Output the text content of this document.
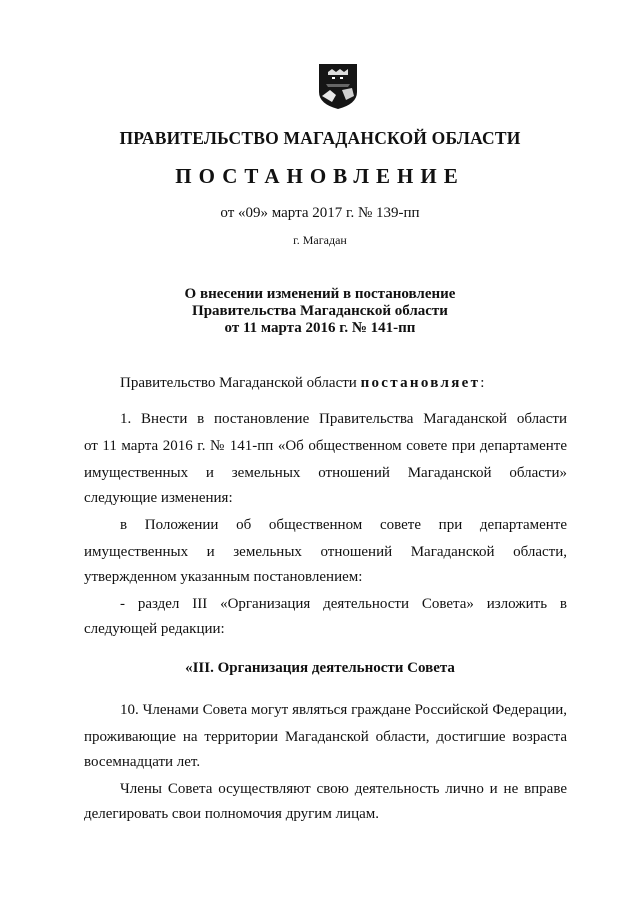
ПРАВИТЕЛЬСТВО МАГАДАНСКОЙ ОБЛАСТИ
ПОСТАНОВЛЕНИЕ
от «09» марта 2017 г. № 139-пп
г. Магадан
О внесении изменений в постановление
Правительства Магаданской области
от 11 марта 2016 г. № 141-пп
Правительство Магаданской области постановляет:
1. Внести в постановление Правительства Магаданской области
от 11 марта 2016 г. № 141-пп «Об общественном совете при департаменте
имущественных и земельных отношений Магаданской области»
следующие изменения:
в Положении об общественном совете при департаменте
имущественных и земельных отношений Магаданской области,
утвержденном указанным постановлением:
- раздел III «Организация деятельности Совета» изложить в
следующей редакции:
10. Членами Совета могут являться граждане Российской Федерации,
проживающие на территории Магаданской области, достигшие возраста
восемнадцати лет.
Члены Совета осуществляют свою деятельность лично и не вправе
делегировать свои полномочия другим лицам.
«III. Организация деятельности Совета
